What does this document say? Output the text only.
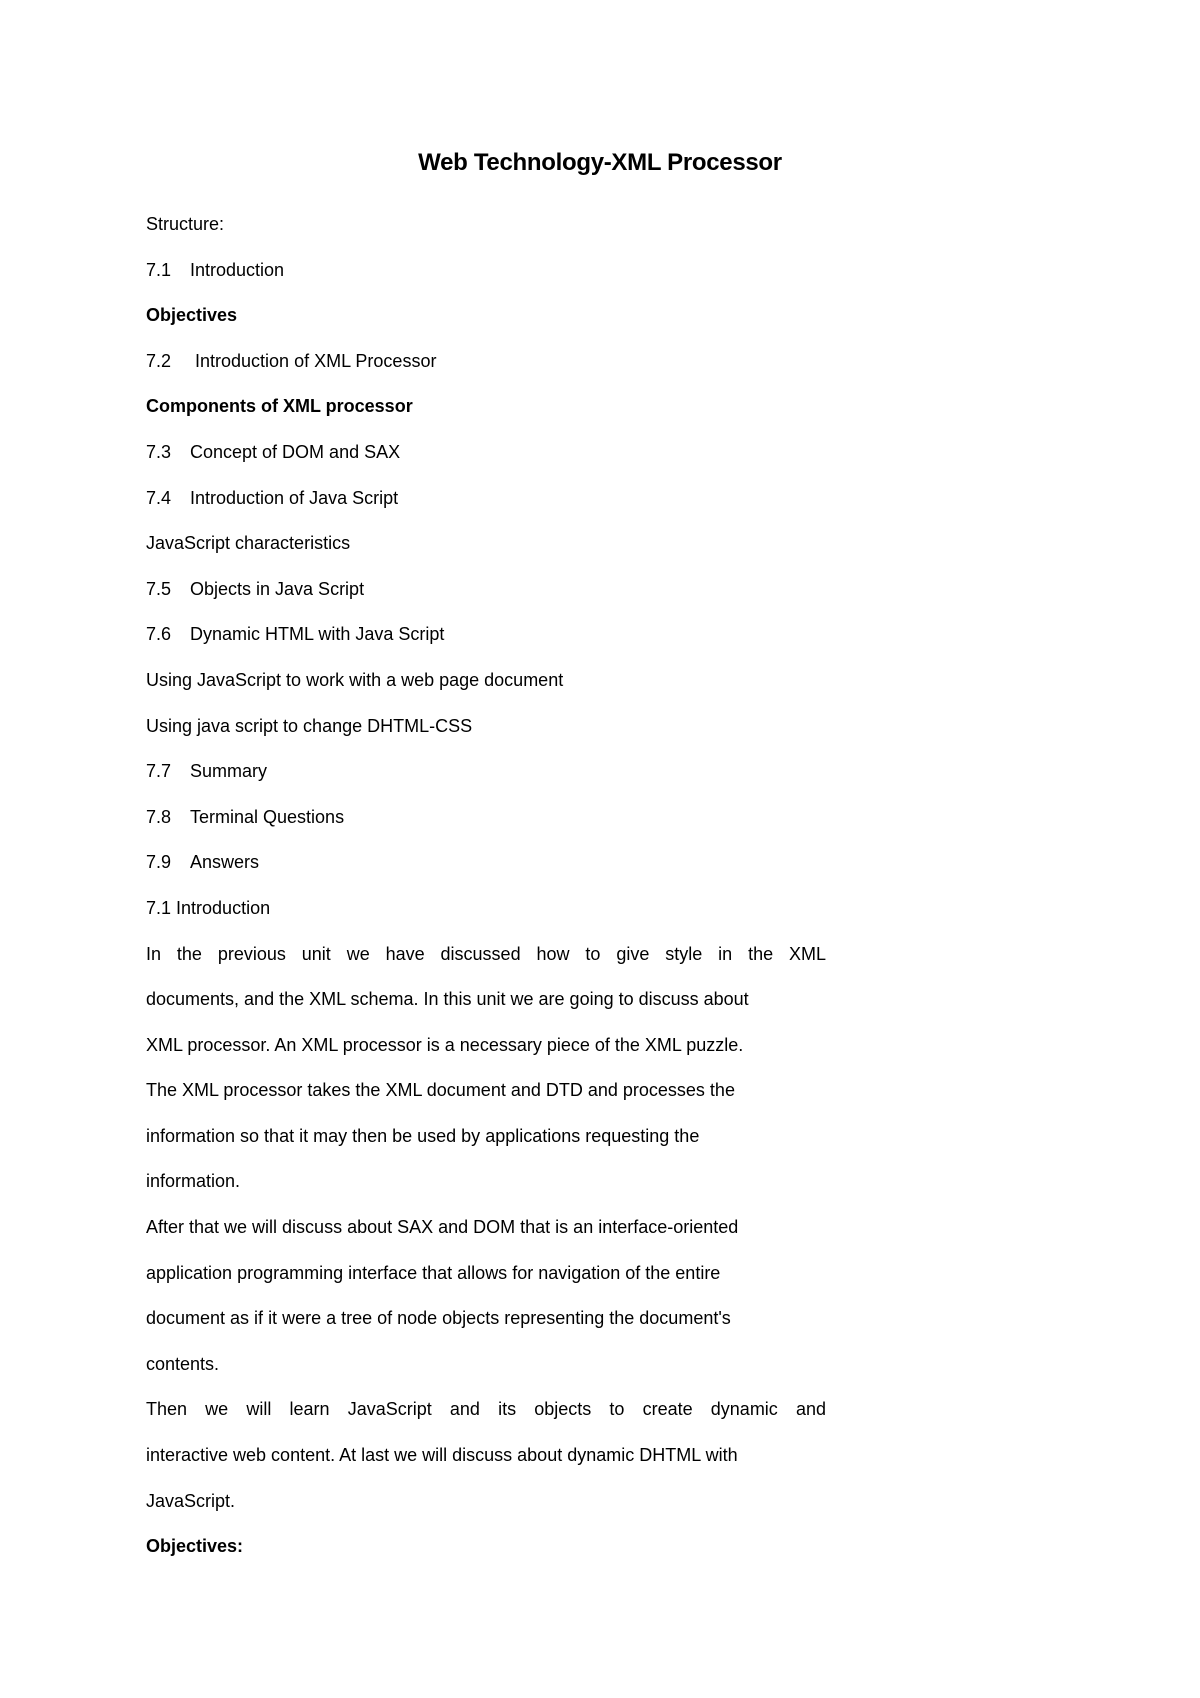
Web Technology-XML Processor
Structure:
7.1 Introduction
Objectives
7.2 Introduction of XML Processor
Components of XML processor
7.3 Concept of DOM and SAX
7.4 Introduction of Java Script
JavaScript characteristics
7.5 Objects in Java Script
7.6 Dynamic HTML with Java Script
Using JavaScript to work with a web page document
Using java script to change DHTML-CSS
7.7 Summary
7.8 Terminal Questions
7.9 Answers
7.1 Introduction
In the previous unit we have discussed how to give style in the XML
documents, and the XML schema. In this unit we are going to discuss about
XML processor. An XML processor is a necessary piece of the XML puzzle.
The XML processor takes the XML document and DTD and processes the
information so that it may then be used by applications requesting the
information.
After that we will discuss about SAX and DOM that is an interface-oriented
application programming interface that allows for navigation of the entire
document as if it were a tree of node objects representing the document's
contents.
Then we will learn JavaScript and its objects to create dynamic and
interactive web content. At last we will discuss about dynamic DHTML with
JavaScript.
Objectives:
